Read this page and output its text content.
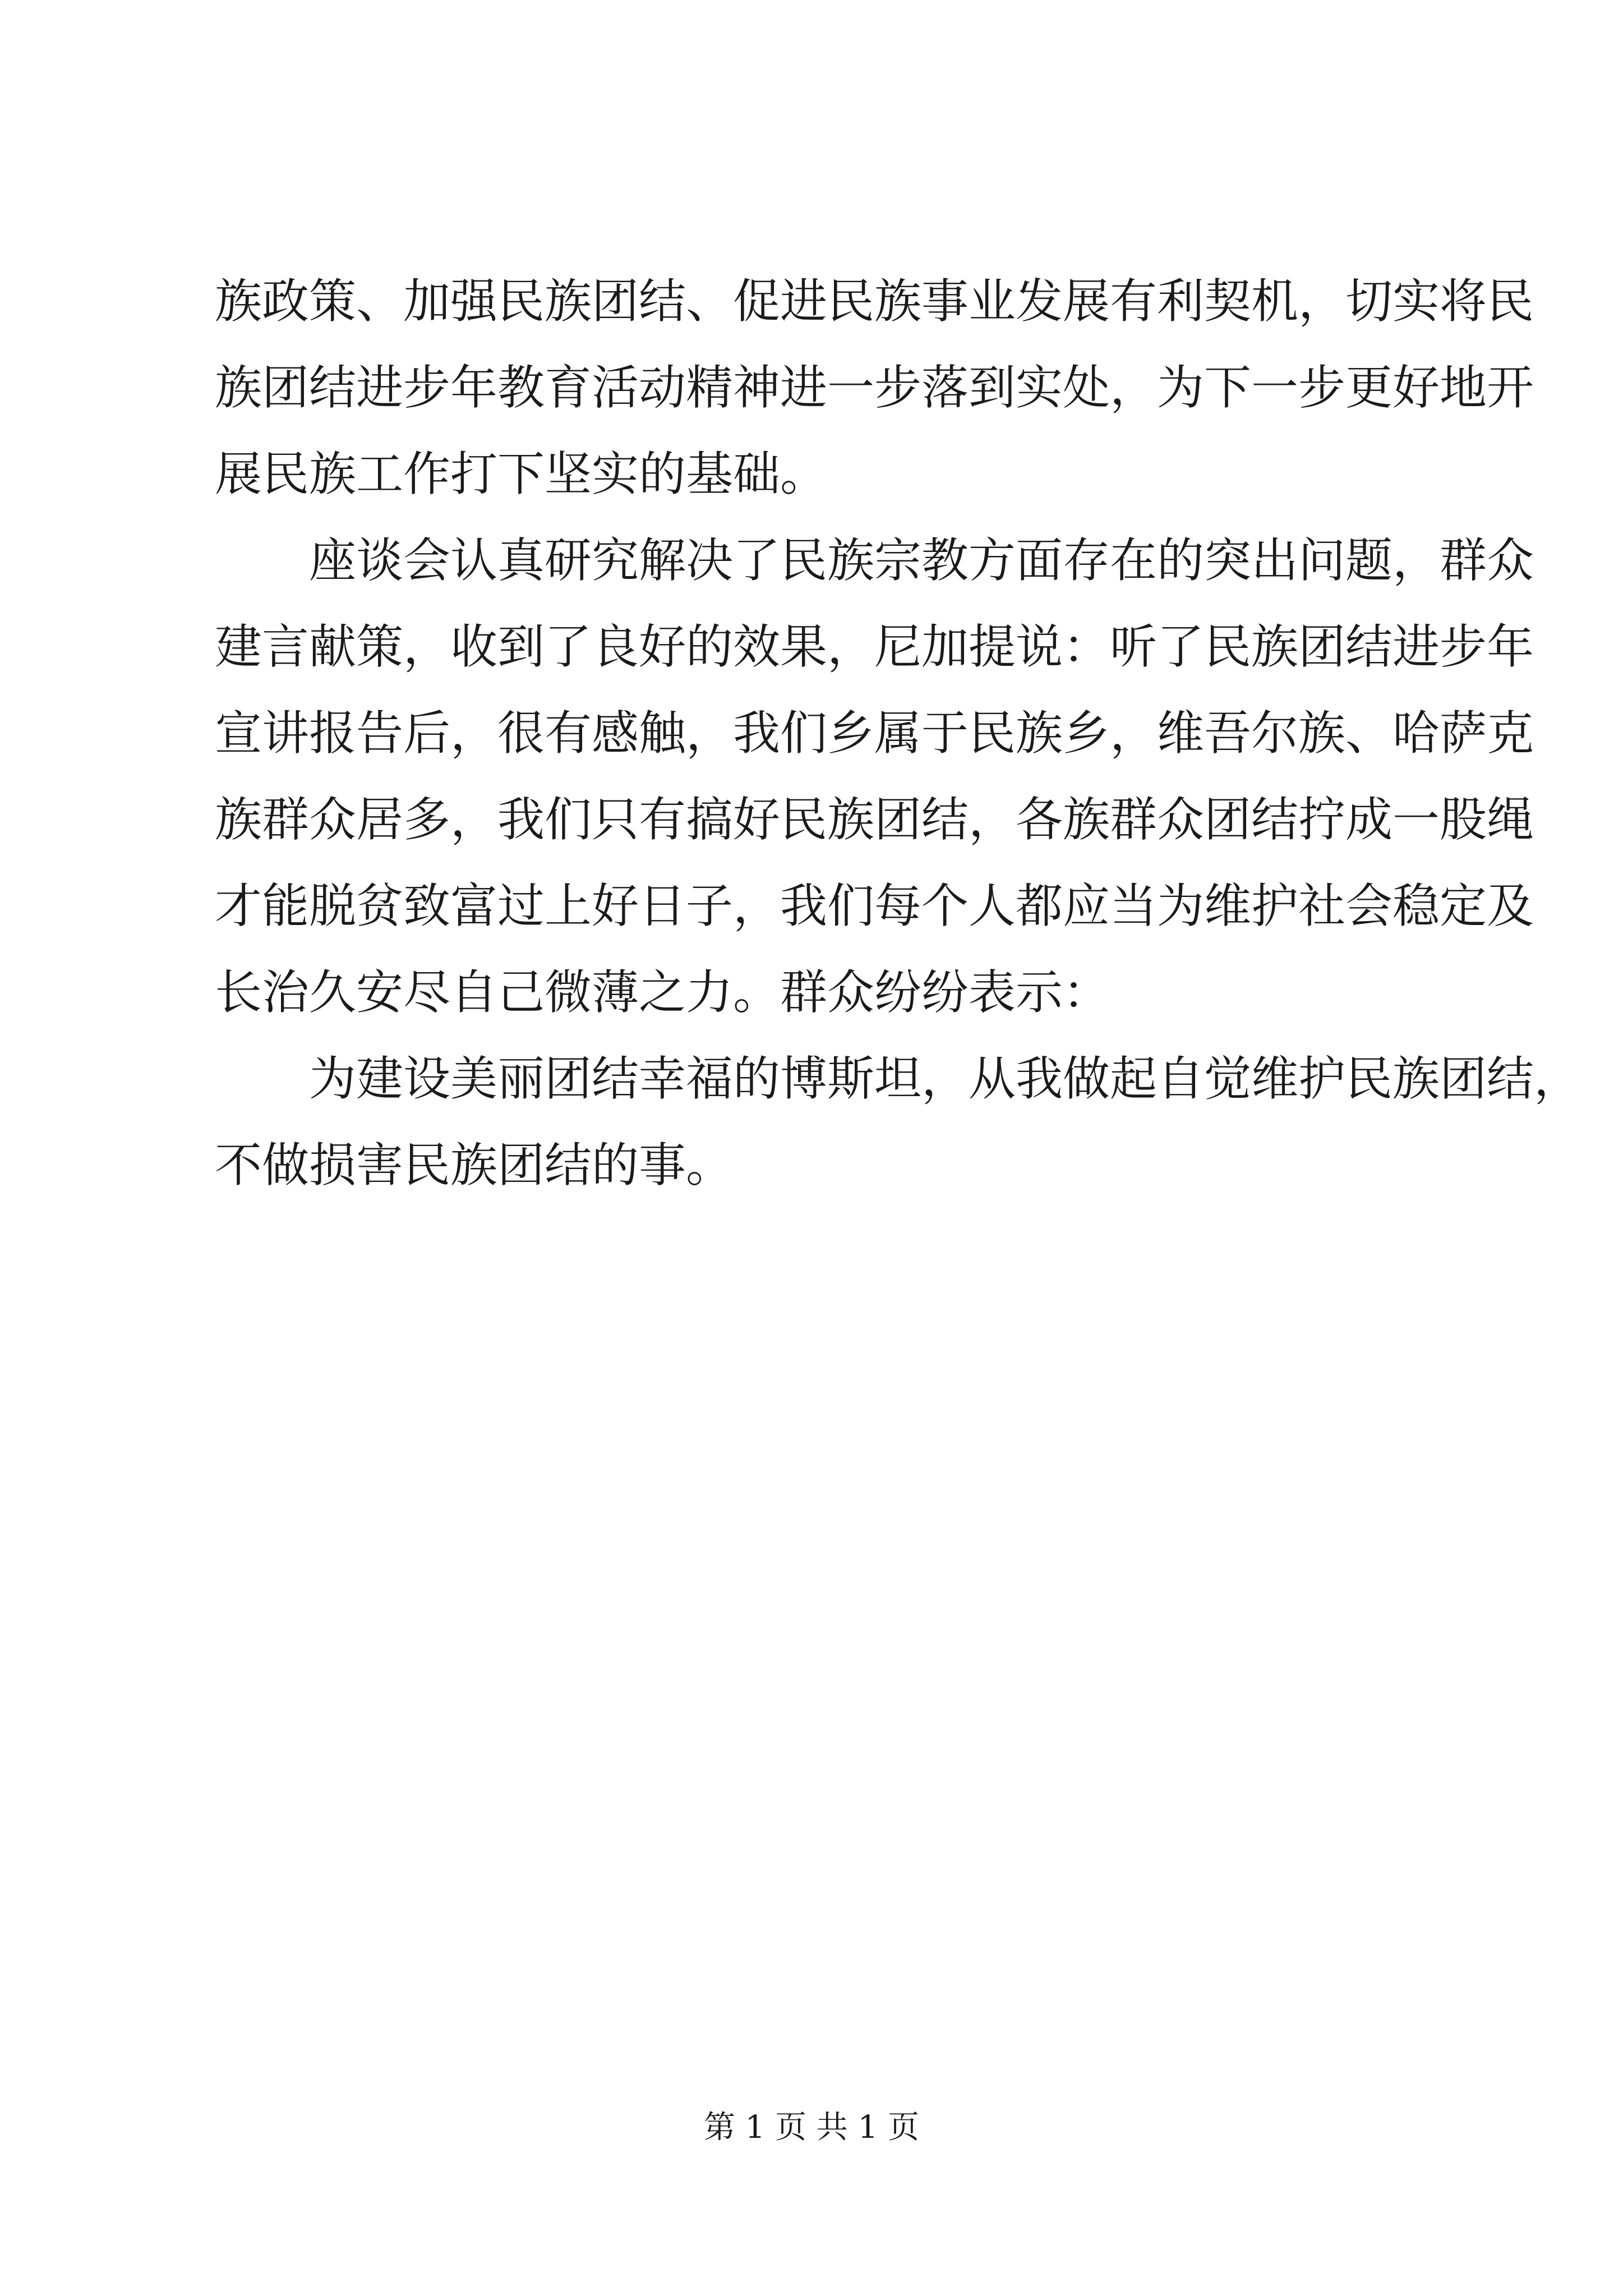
族政策、加强民族团结、促进民族事业发展有利契机，切实将民
族团结进步年教育活动精神进一步落到实处，为下一步更好地开
展民族工作打下坚实的基础。
座谈会认真研究解决了民族宗教方面存在的突出问题，群众
建言献策，收到了良好的效果，尼加提说：听了民族团结进步年
宣讲报告后，很有感触，我们乡属于民族乡，维吾尔族、哈萨克
族群众居多，我们只有搞好民族团结，各族群众团结拧成一股绳
才能脱贫致富过上好日子，我们每个人都应当为维护社会稳定及
长治久安尽自己微薄之力。群众纷纷表示：
为建设美丽团结幸福的博斯坦，从我做起自觉维护民族团结，
不做损害民族团结的事。
第 1 页 共 1 页
